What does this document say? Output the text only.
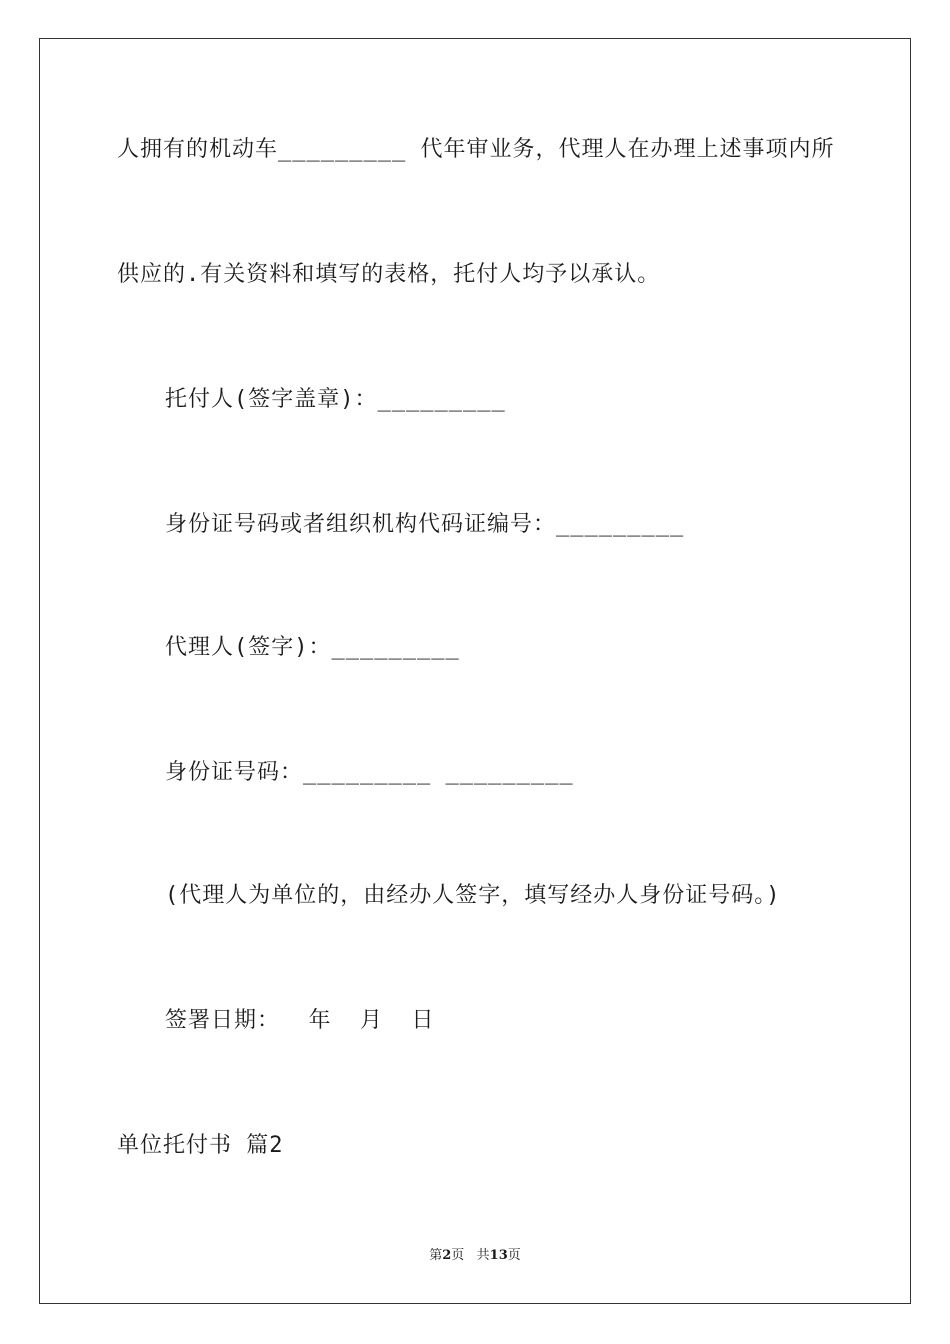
人拥有的机动车_________ 代年审业务，代理人在办理上述事项内所
供应的.有关资料和填写的表格，托付人均予以承认。
托付人(签字盖章)：_________
身份证号码或者组织机构代码证编号：_________
代理人(签字)：_________
身份证号码：_________ _________
(代理人为单位的，由经办人签字，填写经办人身份证号码。)
签署日期：  年  月  日
单位托付书 篇2
第2页   共13页
